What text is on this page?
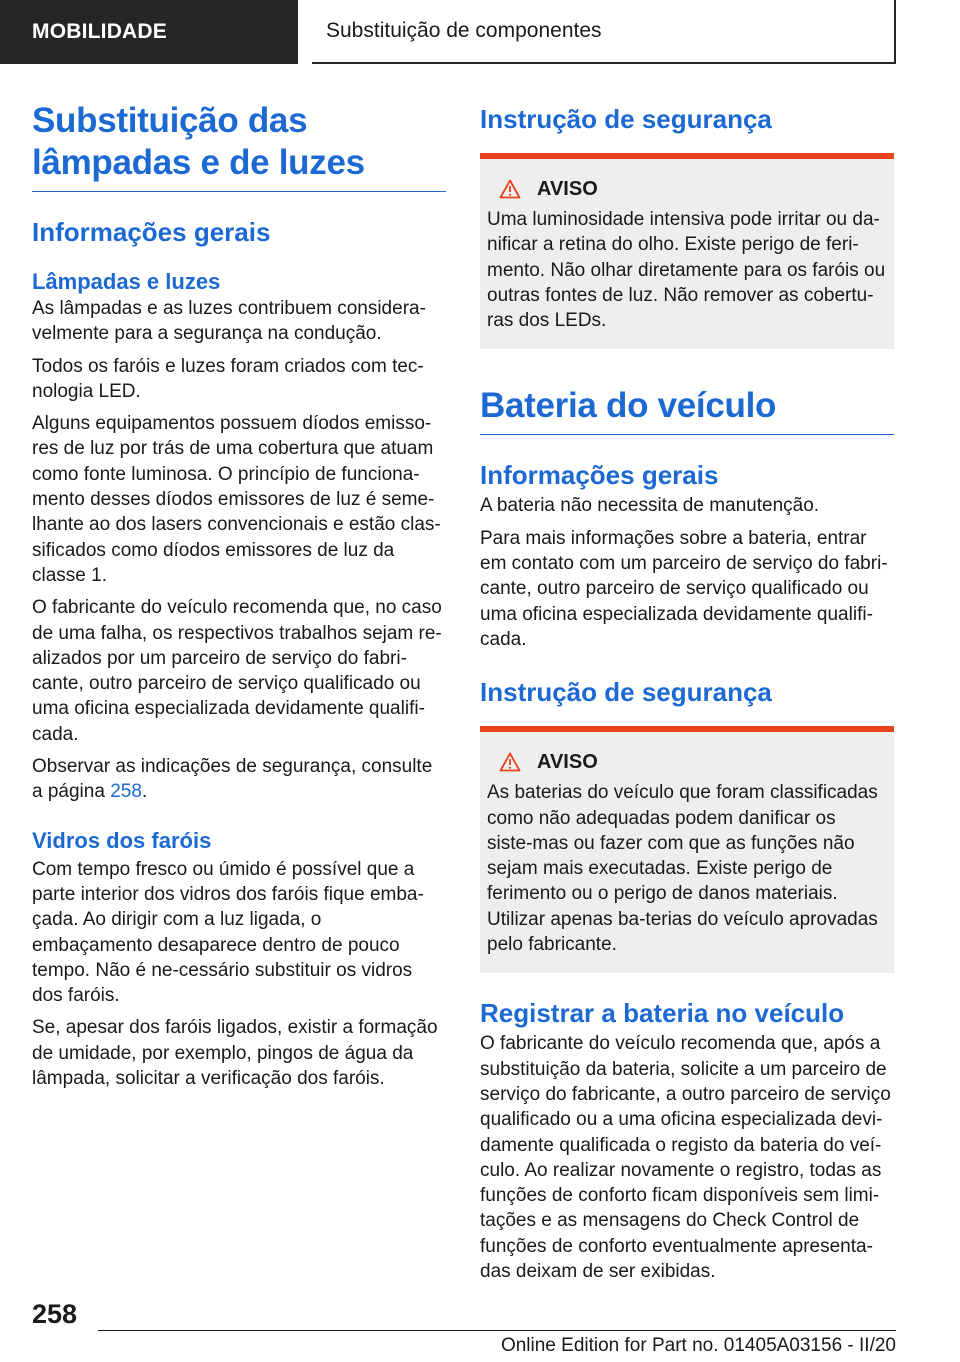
MOBILIDADE	Substituição de componentes
Substituição das lâmpadas e de luzes
Informações gerais
Lâmpadas e luzes

As lâmpadas e as luzes contribuem considera-velmente para a segurança na condução.

Todos os faróis e luzes foram criados com tec-nologia LED.

Alguns equipamentos possuem díodos emisso-res de luz por trás de uma cobertura que atuam como fonte luminosa. O princípio de funciona-mento desses díodos emissores de luz é seme-lhante ao dos lasers convencionais e estão clas-sificados como díodos emissores de luz da classe 1.

O fabricante do veículo recomenda que, no caso de uma falha, os respectivos trabalhos sejam re-alizados por um parceiro de serviço do fabri-cante, outro parceiro de serviço qualificado ou uma oficina especializada devidamente qualifi-cada.

Observar as indicações de segurança, consulte a página 258.

Vidros dos faróis

Com tempo fresco ou úmido é possível que a parte interior dos vidros dos faróis fique emba-çada. Ao dirigir com a luz ligada, o embaçamento desaparece dentro de pouco tempo. Não é ne-cessário substituir os vidros dos faróis.

Se, apesar dos faróis ligados, existir a formação de umidade, por exemplo, pingos de água da lâmpada, solicitar a verificação dos faróis.

Instrução de segurança
AVISO

Uma luminosidade intensiva pode irritar ou da-nificar a retina do olho. Existe perigo de feri-mento. Não olhar diretamente para os faróis ou outras fontes de luz. Não remover as cobertu-ras dos LEDs.

Bateria do veículo
Informações gerais

A bateria não necessita de manutenção.

Para mais informações sobre a bateria, entrar em contato com um parceiro de serviço do fabri-cante, outro parceiro de serviço qualificado ou uma oficina especializada devidamente qualifi-cada.

Instrução de segurança
AVISO

As baterias do veículo que foram classificadas como não adequadas podem danificar os siste-mas ou fazer com que as funções não sejam mais executadas. Existe perigo de ferimento ou o perigo de danos materiais. Utilizar apenas ba-terias do veículo aprovadas pelo fabricante.

Registrar a bateria no veículo

O fabricante do veículo recomenda que, após a substituição da bateria, solicite a um parceiro de serviço do fabricante, a outro parceiro de serviço qualificado ou a uma oficina especializada devi-damente qualificada o registo da bateria do veí-culo. Ao realizar novamente o registro, todas as funções de conforto ficam disponíveis sem limi-tações e as mensagens do Check Control de funções de conforto eventualmente apresenta-das deixam de ser exibidas.

258
Online Edition for Part no. 01405A03156 - II/20
